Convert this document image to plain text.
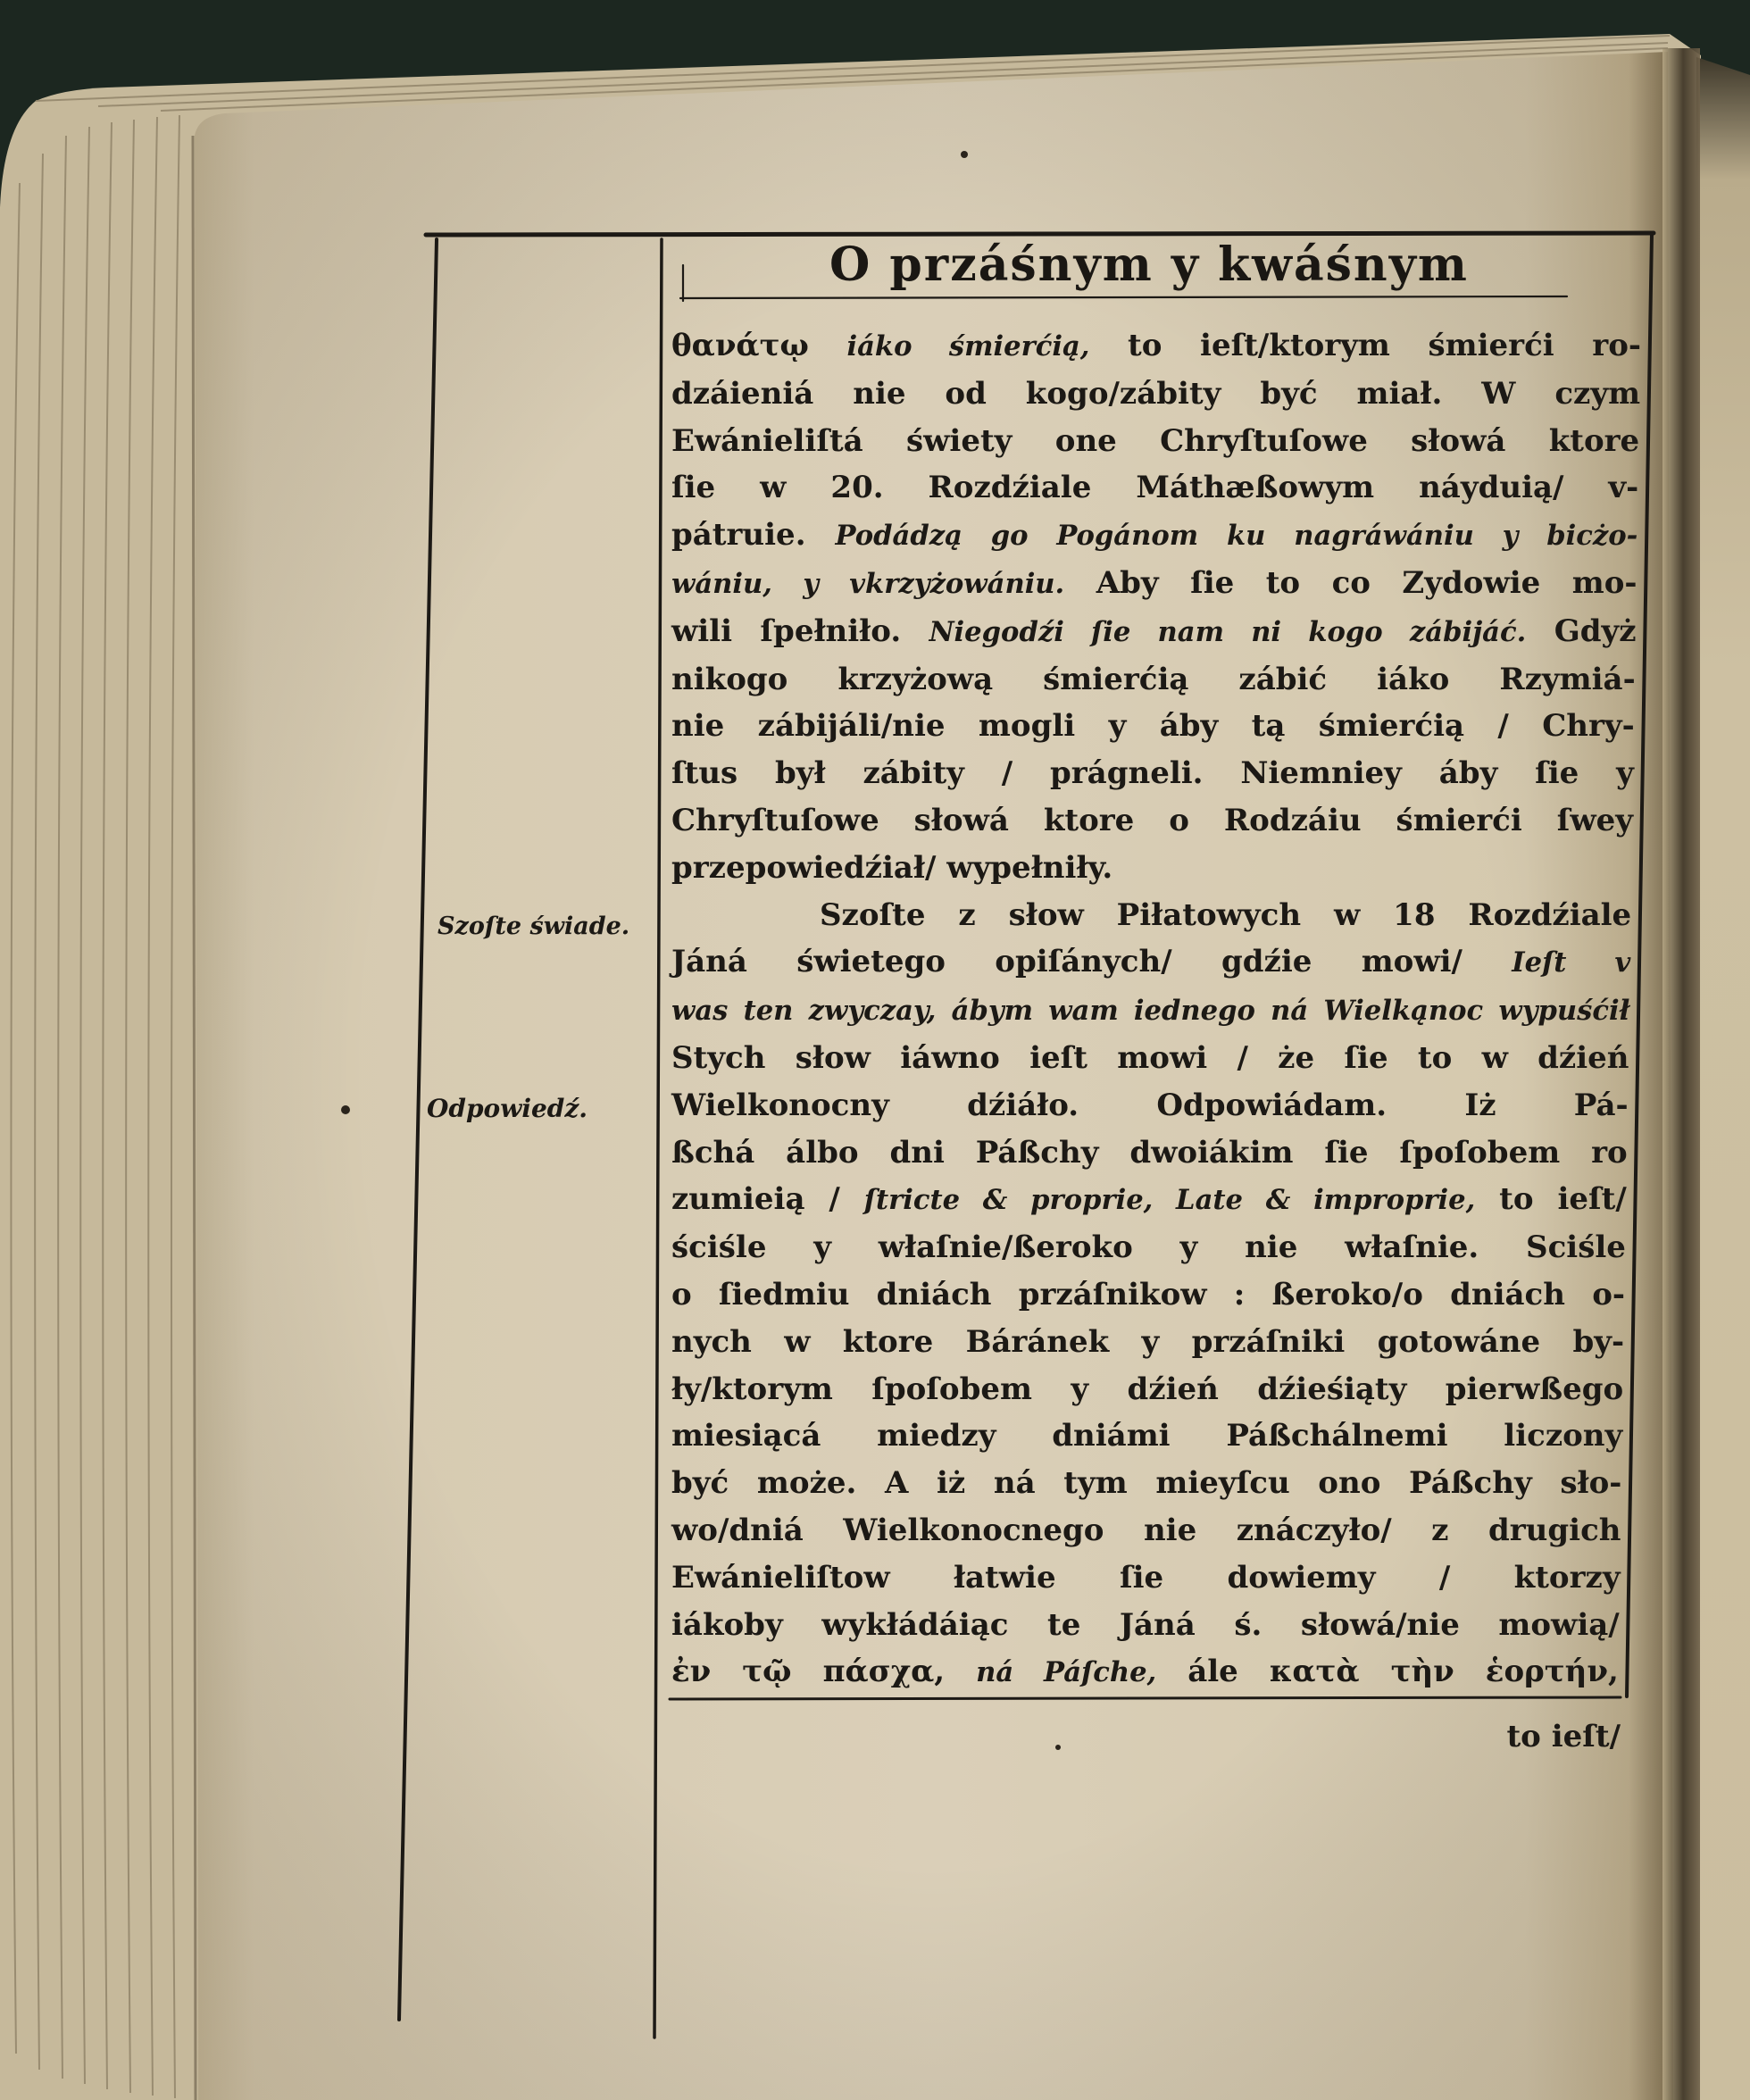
O przáśnym y kwáśnym
Szoſte świade.
Odpowiedź.
θανάτῳ iáko śmierćią, to ieſt/ktorym śmierći ro-
dzáieniá nie od kogo/zábity być miał. W czym
Ewánieliſtá świety one Chryſtuſowe słowá ktore
ſie w 20. Rozdźiale Máthæßowym náyduią/ v-
pátruie. Podádzą go Pogánom ku nagráwániu y bicżo-
wániu, y vkrzyżowániu. Aby ſie to co Zydowie mo-
wili ſpełniło. Niegodźi ſie nam ni kogo zábijáć. Gdyż
nikogo krzyżową śmierćią zábić iáko Rzymiá-
nie zábijáli/nie mogli y áby tą śmierćią / Chry-
ſtus był zábity / prágneli. Niemniey áby ſie y
Chryſtuſowe słowá ktore o Rodzáiu śmierći ſwey
przepowiedźiał/ wypełniły.
Szoſte z słow Piłatowych w 18 Rozdźiale
Jáná świetego opiſánych/ gdźie mowi/ Ieſt v
was ten zwyczay, ábym wam iednego ná Wielkąnoc wypuśćił
Stych słow iáwno ieſt mowi / że ſie to w dźień
Wielkonocny dźiáło. Odpowiádam. Iż Pá-
ßchá álbo dni Páßchy dwoiákim ſie ſpoſobem ro
zumieią / ſtricte & proprie, Late & improprie, to ieſt/
ściśle y właſnie/ßeroko y nie właſnie. Sciśle
o ſiedmiu dniách przáſnikow : ßeroko/o dniách o-
nych w ktore Báránek y przáſniki gotowáne by-
ły/ktorym ſpoſobem y dźień dźieśiąty pierwßego
miesiącá miedzy dniámi Páßchálnemi liczony
być może. A iż ná tym mieyſcu ono Páßchy sło-
wo/dniá Wielkonocnego nie znáczyło/ z drugich
Ewánieliſtow łatwie ſie dowiemy / ktorzy
iákoby wykłádáiąc te Jáná ś. słowá/nie mowią/
ἐν τῷ πάσχα, ná Páſche, ále κατὰ τὴν ἑορτήν,
to ieſt/
